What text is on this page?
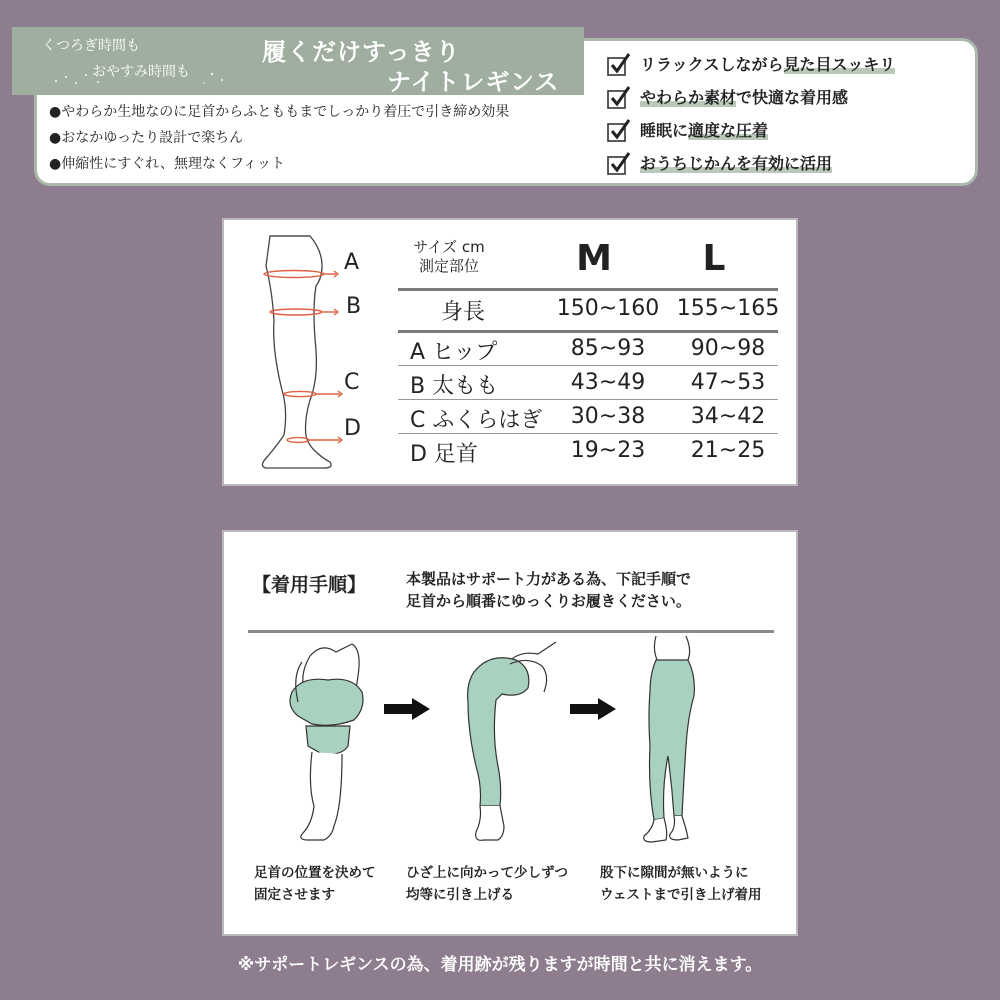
●やわらか生地なのに足首からふとももまでしっかり着圧で引き締め効果

●おなかゆったり設計で楽ちん

●伸縮性にすぐれ、無理なくフィット

リラックスしながら見た目スッキリ
やわらか素材で快適な着用感
睡眠に適度な圧着
おうちじかんを有効に活用
くつろぎ時間も
おやすみ時間も
履くだけすっきり
ナイトレギンス
A
B
C
D
サイズ cm
測定部位	M	L
身長	150~160 155~165
A ヒップ	85~93	90~98
B 太もも	43~49	47~53
C ふくらはぎ	30~38	34~42
D 足首	19~23	21~25
【着用手順】	本製品はサポート力がある為、下記手順で
足首から順番にゆっくりお履きください。
足首の位置を決めて
固定させます
ひざ上に向かって少しずつ
均等に引き上げる
股下に隙間が無いように
ウェストまで引き上げ着用
※サポートレギンスの為、着用跡が残りますが時間と共に消えます。
